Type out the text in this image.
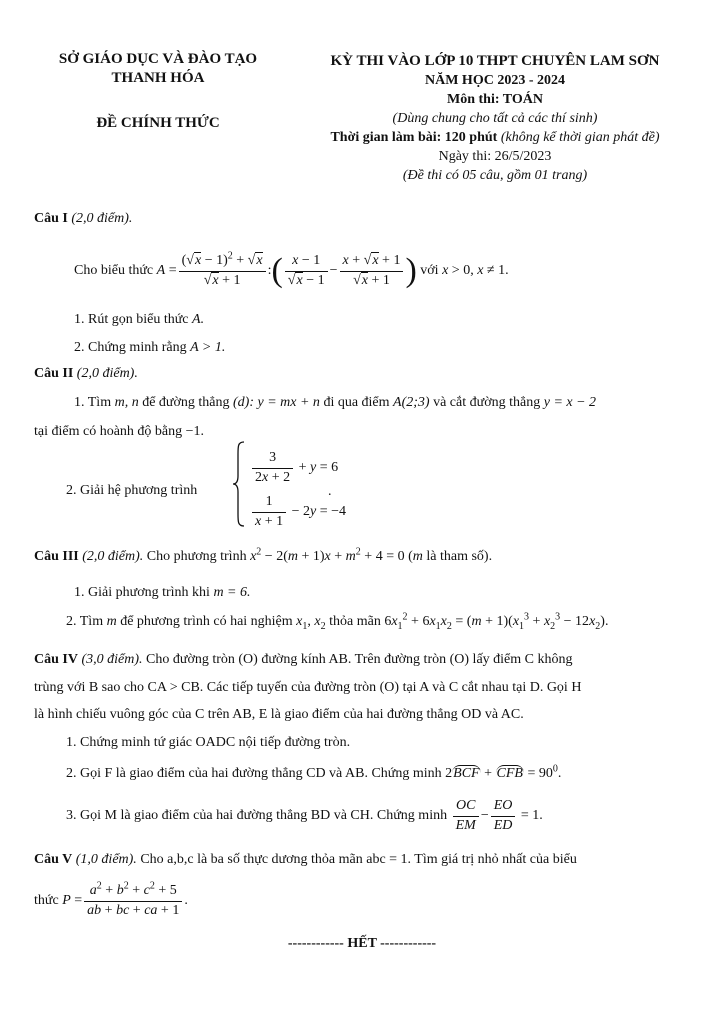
SỞ GIÁO DỤC VÀ ĐÀO TẠO
THANH HÓA
ĐỀ CHÍNH THỨC
KỲ THI VÀO LỚP 10 THPT CHUYÊN LAM SƠN
NĂM HỌC 2023 - 2024
Môn thi: TOÁN
(Dùng chung cho tất cả các thí sinh)
Thời gian làm bài: 120 phút (không kể thời gian phát đề)
Ngày thi: 26/5/2023
(Đề thi có 05 câu, gồm 01 trang)
Câu I (2,0 điểm).
Cho biểu thức
$A = \frac{(√x - 1)^2 + √x}{√x + 1}$ : ( $\frac{x - 1}{√x - 1} - \frac{x + √x + 1}{√x + 1}$ )
với
x > 0, x ≠ 1.
1. Rút gọn biểu thức A.
2. Chứng minh rằng A > 1.
Câu II (2,0 điểm).
1. Tìm m, n để đường thẳng (d): y = mx + n đi qua điểm A(2;3) và cắt đường thẳng y = x − 2
tại điểm có hoành độ bằng −1.
2. Giải hệ phương trình
$\frac{3}{2x + 2} + y = 6$
$\frac{1}{x + 1} - 2$ y = −4
.
Câu III (2,0 điểm). Cho phương trình $x^2 - 2(m + 1)x + m^2 + 4 = 0$ (m là tham số).
1. Giải phương trình khi m = 6.
2. Tìm m để phương trình có hai nghiệm $x_1$, $x_2$ thỏa mãn $6x_1^2 + 6x_1x_2 = (m + 1)(x_1^3 + x_2^3 - 12x_2)$.
Câu IV (3,0 điểm). Cho đường tròn (O) đường kính AB. Trên đường tròn (O) lấy điểm C không
trùng với B sao cho CA > CB. Các tiếp tuyến của đường tròn (O) tại A và C cắt nhau tại D. Gọi H
là hình chiếu vuông góc của C trên AB, E là giao điểm của hai đường thẳng OD và AC.
1. Chứng minh tứ giác OADC nội tiếp đường tròn.
2. Gọi F là giao điểm của hai đường thẳng CD và AB. Chứng minh 2BCF + CFB = $90^0$.
3. Gọi M là giao điểm của hai đường thẳng BD và CH. Chứng minh
$\frac{OC}{EM} - \frac{EO}{ED} = 1$.
Câu V (1,0 điểm). Cho a,b,c là ba số thực dương thỏa mãn abc = 1. Tìm giá trị nhỏ nhất của biểu
thức
$P = \frac{a^2 + b^2 + c^2 + 5}{ab + bc + ca + 1}$ .
------------ HẾT ------------
